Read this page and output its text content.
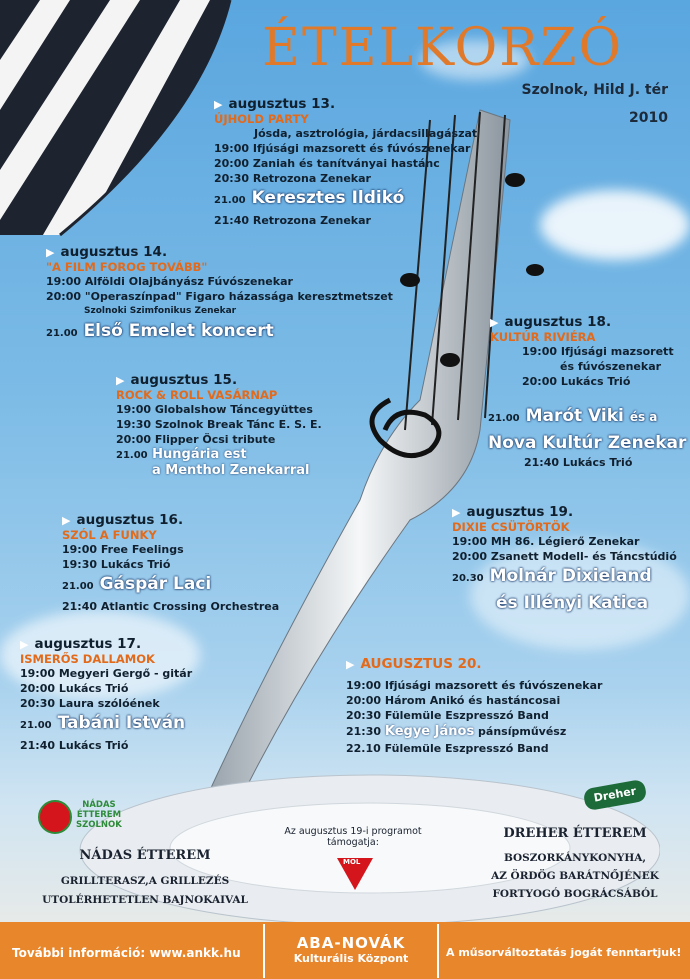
ÉTELKORZÓ
Szolnok, Hild J. tér
2010
▶ augusztus 13.
ÚJHOLD PARTY
Jósda, asztrológia, járdacsillagászat
19:00 Ifjúsági mazsorett és fúvószenekar
20:00 Zaniah és tanítványai hastánc
20:30 Retrozona Zenekar
21.00 Keresztes Ildikó
21:40 Retrozona Zenekar
▶ augusztus 14.
"A FILM FOROG TOVÁBB"
19:00 Alföldi Olajbányász Fúvószenekar
20:00 "Operaszínpad" Figaro házassága keresztmetszet
Szolnoki Szimfonikus Zenekar
21.00 Első Emelet koncert
▶ augusztus 15.
ROCK & ROLL VASÁRNAP
19:00 Globalshow Táncegyüttes
19:30 Szolnok Break Tánc E. S. E.
20:00 Flipper Öcsi tribute
21.00 Hungária est
a Menthol Zenekarral
▶ augusztus 16.
SZÓL A FUNKY
19:00 Free Feelings
19:30 Lukács Trió
21.00 Gáspár Laci
21:40 Atlantic Crossing Orchestrea
▶ augusztus 17.
ISMERŐS DALLAMOK
19:00 Megyeri Gergő - gitár
20:00 Lukács Trió
20:30 Laura szólóének
21.00 Tabáni István
21:40 Lukács Trió
▶ augusztus 18.
KULTÚR RIVIÉRA
19:00 Ifjúsági mazsorett
és fúvószenekar
20:00 Lukács Trió
21.00 Marót Viki és a
Nova Kultúr Zenekar
21:40 Lukács Trió
▶ augusztus 19.
DIXIE CSÜTÖRTÖK
19:00 MH 86. Légierő Zenekar
20:00 Zsanett Modell- és Táncstúdió
20.30 Molnár Dixieland
és Illényi Katica
▶ AUGUSZTUS 20.
19:00 Ifjúsági mazsorett és fúvószenekar
20:00 Három Anikó és hastáncosai
20:30 Fülemüle Eszpresszó Band
21:30 Kegye János pánsípművész
22.10 Fülemüle Eszpresszó Band
NÁDAS
ÉTTEREM
SZOLNOK
NÁDAS ÉTTEREM
GRILLTERASZ,A GRILLEZÉS
UTOLÉRHETETLEN BAJNOKAIVAL
Az augusztus 19-i programot támogatja:
MOL
Dreher
DREHER ÉTTEREM
BOSZORKÁNYKONYHA,
AZ ÖRDÖG BARÁTNŐJÉNEK
FORTYOGÓ BOGRÁCSÁBÓL
További információ: www.ankk.hu	A műsorváltoztatás jogát fenntartjuk!
ABA-NOVÁK
Kulturális Központ
